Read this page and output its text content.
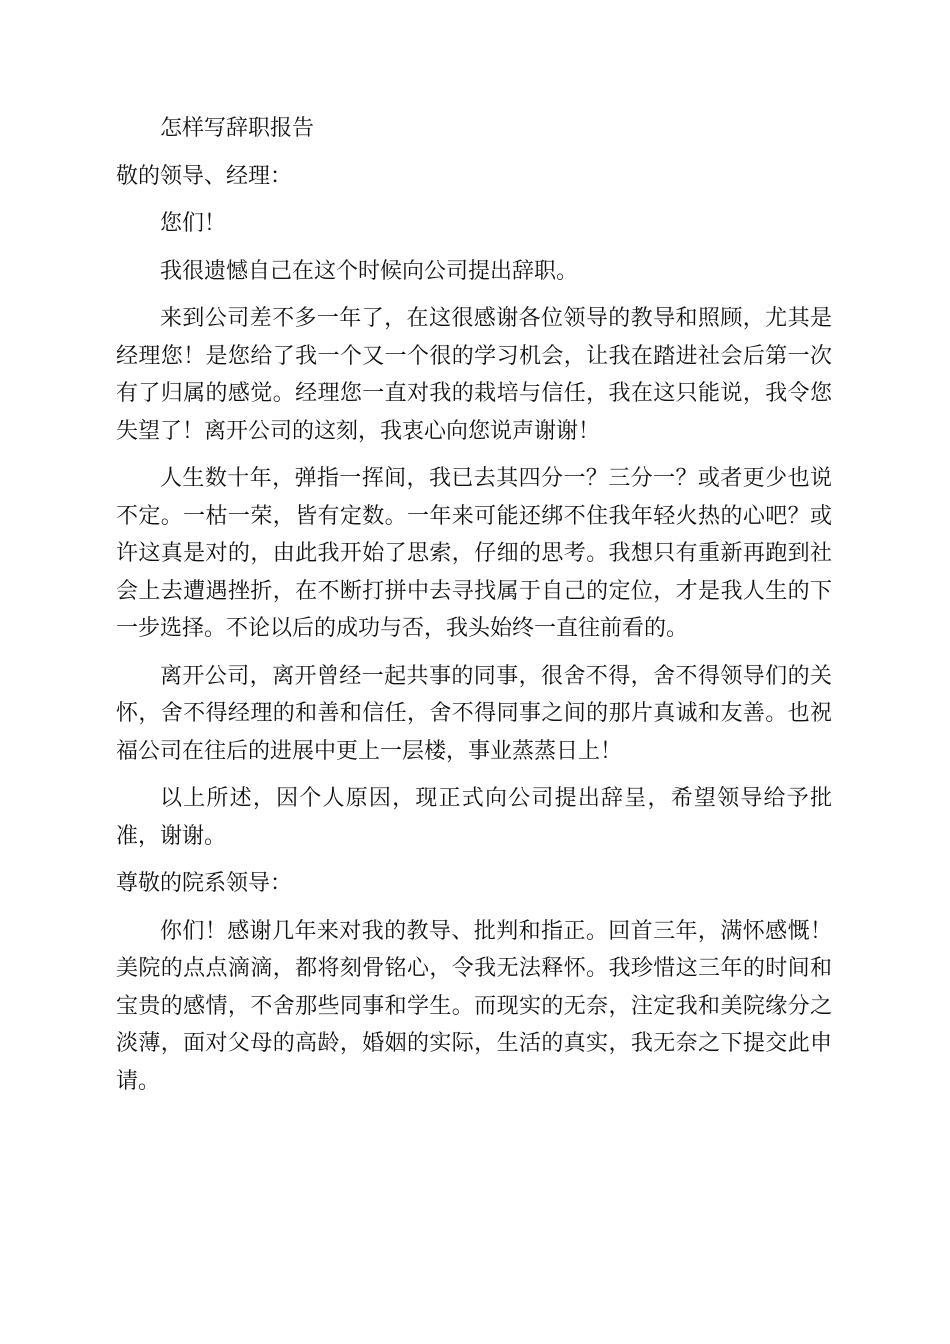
怎样写辞职报告

敬的领导、经理：

您们！

我很遗憾自己在这个时候向公司提出辞职。

来到公司差不多一年了，在这很感谢各位领导的教导和照顾，尤其是经理您！是您给了我一个又一个很的学习机会，让我在踏进社会后第一次有了归属的感觉。经理您一直对我的栽培与信任，我在这只能说，我令您失望了！离开公司的这刻，我衷心向您说声谢谢！

人生数十年，弹指一挥间，我已去其四分一？三分一？或者更少也说不定。一枯一荣，皆有定数。一年来可能还绑不住我年轻火热的心吧？或许这真是对的，由此我开始了思索，仔细的思考。我想只有重新再跑到社会上去遭遇挫折，在不断打拼中去寻找属于自己的定位，才是我人生的下一步选择。不论以后的成功与否，我头始终一直往前看的。

离开公司，离开曾经一起共事的同事，很舍不得，舍不得领导们的关怀，舍不得经理的和善和信任，舍不得同事之间的那片真诚和友善。也祝福公司在往后的进展中更上一层楼，事业蒸蒸日上！

以上所述，因个人原因，现正式向公司提出辞呈，希望领导给予批准，谢谢。

尊敬的院系领导：

你们！感谢几年来对我的教导、批判和指正。回首三年，满怀感慨！美院的点点滴滴，都将刻骨铭心，令我无法释怀。我珍惜这三年的时间和宝贵的感情，不舍那些同事和学生。而现实的无奈，注定我和美院缘分之淡薄，面对父母的高龄，婚姻的实际，生活的真实，我无奈之下提交此申请。
